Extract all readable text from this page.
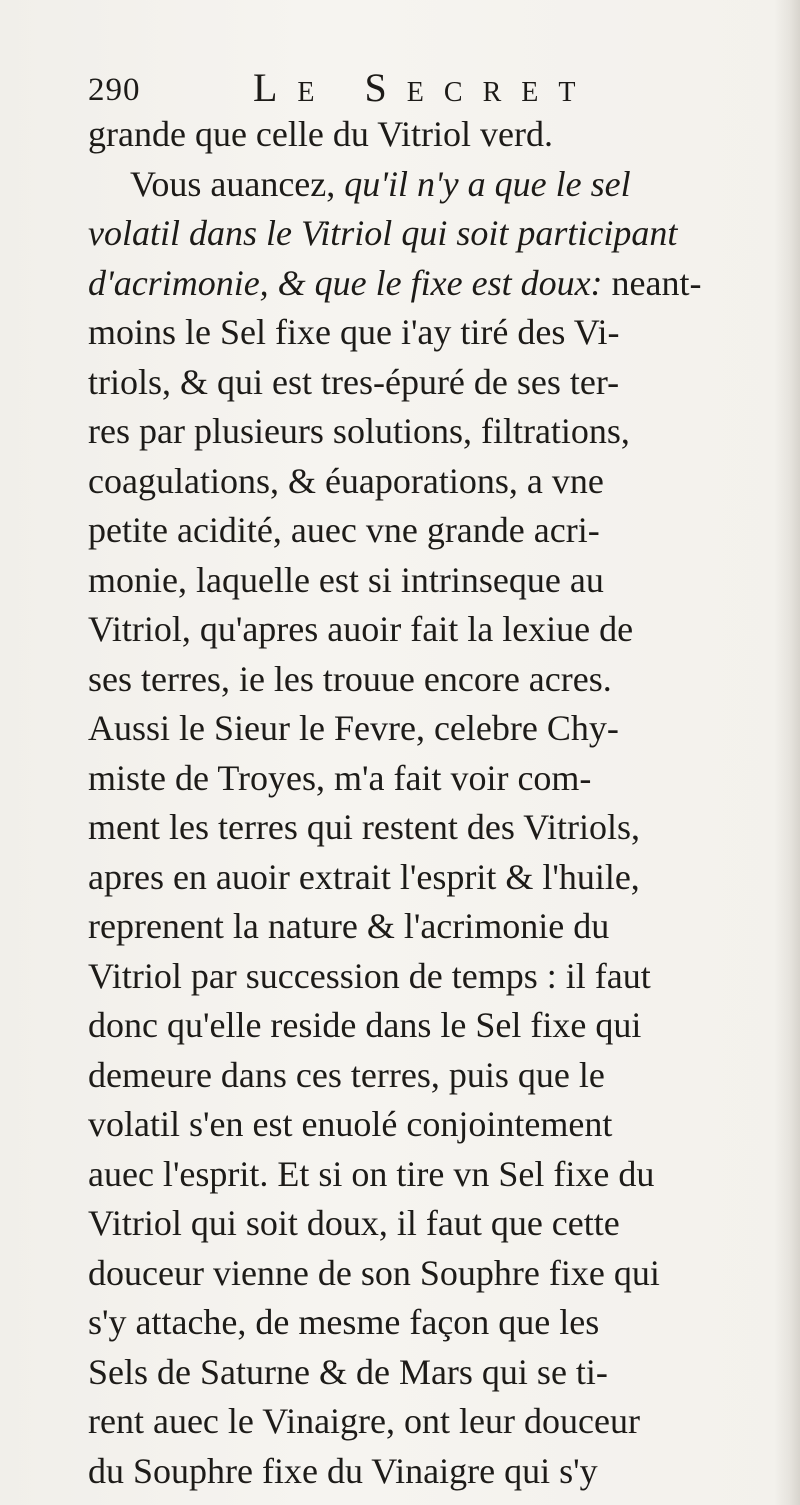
290	Le Secret
grande que celle du Vitriol verd.
Vous auancez, qu'il n'y a que le sel
volatil dans le Vitriol qui soit participant
d'acrimonie, & que le fixe est doux: neant-
moins le Sel fixe que i'ay tiré des Vi-
triols, & qui est tres-épuré de ses ter-
res par plusieurs solutions, filtrations,
coagulations, & éuaporations, a vne
petite acidité, auec vne grande acri-
monie, laquelle est si intrinseque au
Vitriol, qu'apres auoir fait la lexiue de
ses terres, ie les trouue encore acres.
Aussi le Sieur le Fevre, celebre Chy-
miste de Troyes, m'a fait voir com-
ment les terres qui restent des Vitriols,
apres en auoir extrait l'esprit & l'huile,
reprenent la nature & l'acrimonie du
Vitriol par succession de temps : il faut
donc qu'elle reside dans le Sel fixe qui
demeure dans ces terres, puis que le
volatil s'en est enuolé conjointement
auec l'esprit. Et si on tire vn Sel fixe du
Vitriol qui soit doux, il faut que cette
douceur vienne de son Souphre fixe qui
s'y attache, de mesme façon que les
Sels de Saturne & de Mars qui se ti-
rent auec le Vinaigre, ont leur douceur
du Souphre fixe du Vinaigre qui s'y
